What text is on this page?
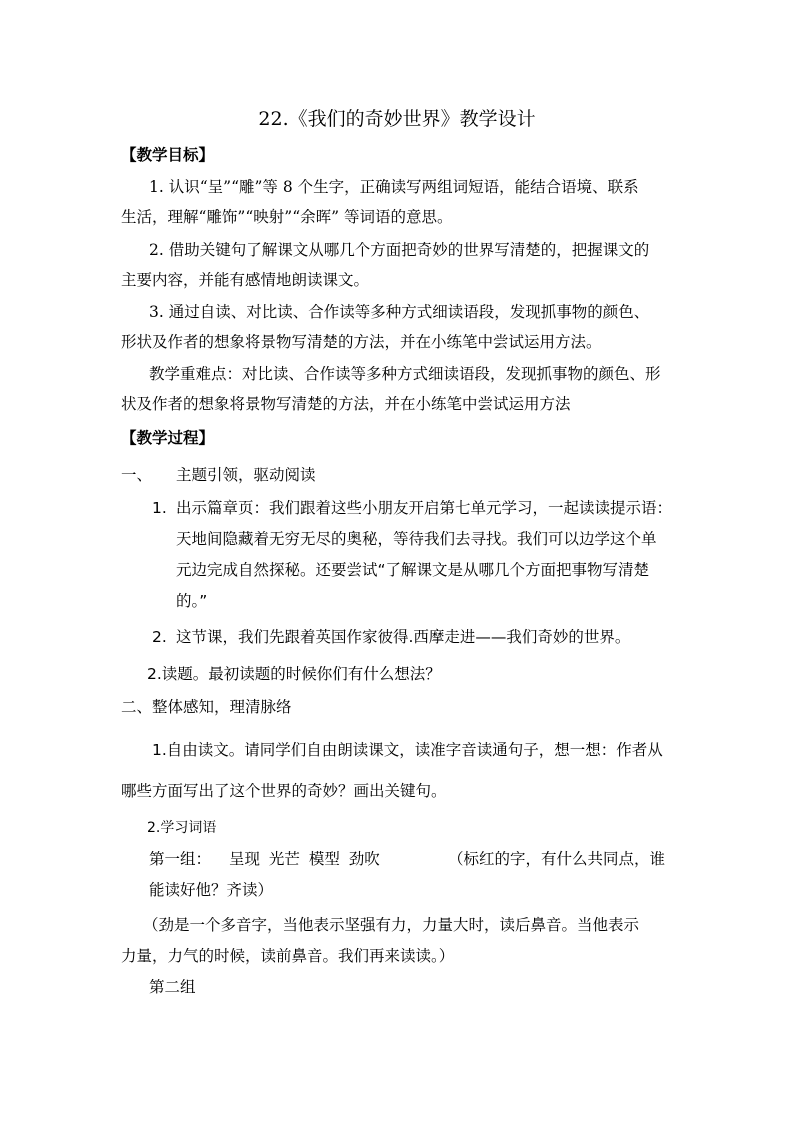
22.《我们的奇妙世界》教学设计
【教学目标】
1. 认识“呈”“雕”等 8 个生字，正确读写两组词短语，能结合语境、联系
生活，理解“雕饰”“映射”“余晖” 等词语的意思。
2. 借助关键句了解课文从哪几个方面把奇妙的世界写清楚的，把握课文的
主要内容，并能有感情地朗读课文。
3. 通过自读、对比读、合作读等多种方式细读语段，发现抓事物的颜色、
形状及作者的想象将景物写清楚的方法，并在小练笔中尝试运用方法。
教学重难点：对比读、合作读等多种方式细读语段，发现抓事物的颜色、形
状及作者的想象将景物写清楚的方法，并在小练笔中尝试运用方法
【教学过程】
一、 主题引领，驱动阅读
1. 出示篇章页：我们跟着这些小朋友开启第七单元学习，一起读读提示语：
天地间隐藏着无穷无尽的奥秘，等待我们去寻找。我们可以边学这个单
元边完成自然探秘。还要尝试“了解课文是从哪几个方面把事物写清楚
的。”
2. 这节课，我们先跟着英国作家彼得.西摩走进——我们奇妙的世界。
2.读题。最初读题的时候你们有什么想法？
二、整体感知，理清脉络
1.自由读文。请同学们自由朗读课文，读准字音读通句子，想一想：作者从
哪些方面写出了这个世界的奇妙？画出关键句。
2.学习词语
第一组： 呈现 光芒 模型 劲吹	（标红的字，有什么共同点，谁
能读好他？齐读）
（劲是一个多音字，当他表示坚强有力，力量大时，读后鼻音。当他表示
力量，力气的时候，读前鼻音。我们再来读读。）
第二组
